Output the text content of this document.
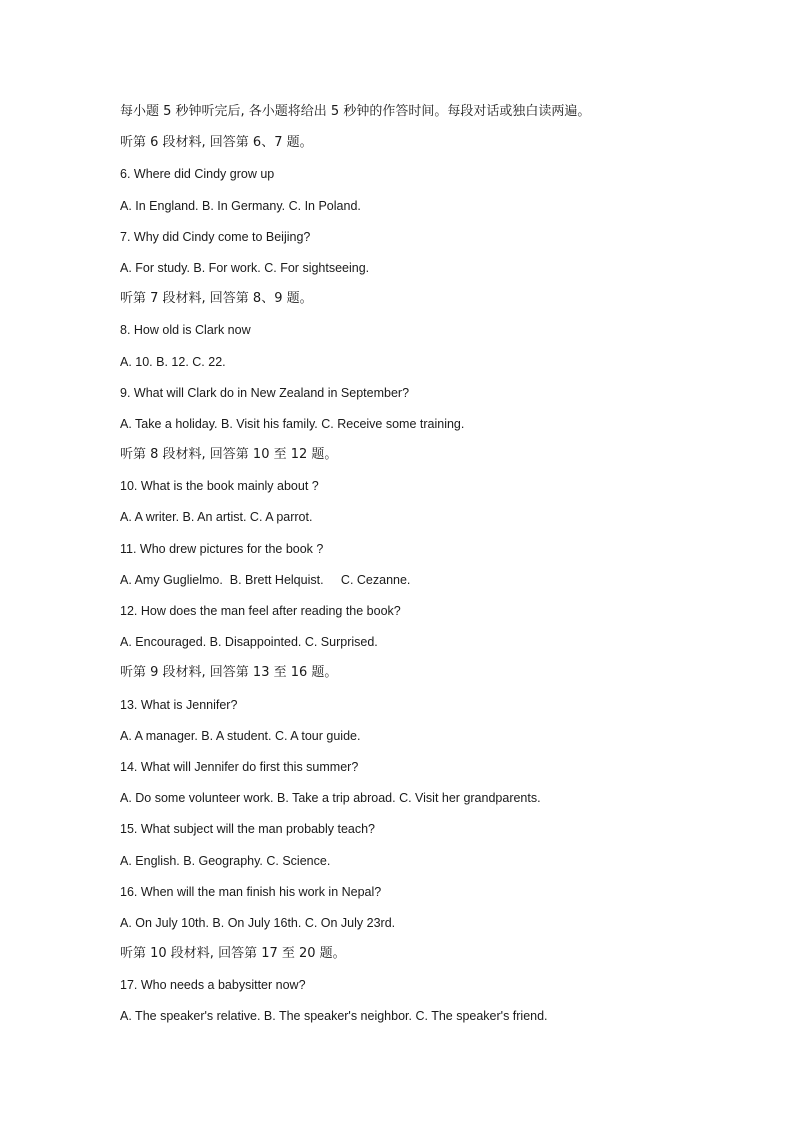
每小题 5 秒钟听完后, 各小题将给出 5 秒钟的作答时间。每段对话或独白读两遍。
听第 6 段材料, 回答第 6、7 题。
6. Where did Cindy grow up
A. In England. B. In Germany. C. In Poland.
7. Why did Cindy come to Beijing?
A. For study. B. For work. C. For sightseeing.
听第 7 段材料, 回答第 8、9 题。
8. How old is Clark now
A. 10. B. 12. C. 22.
9. What will Clark do in New Zealand in September?
A. Take a holiday. B. Visit his family. C. Receive some training.
听第 8 段材料, 回答第 10 至 12 题。
10. What is the book mainly about ?
A. A writer. B. An artist. C. A parrot.
11. Who drew pictures for the book ?
A. Amy Guglielmo.  B. Brett Helquist.     C. Cezanne.
12. How does the man feel after reading the book?
A. Encouraged. B. Disappointed. C. Surprised.
听第 9 段材料, 回答第 13 至 16 题。
13. What is Jennifer?
A. A manager. B. A student. C. A tour guide.
14. What will Jennifer do first this summer?
A. Do some volunteer work. B. Take a trip abroad. C. Visit her grandparents.
15. What subject will the man probably teach?
A. English. B. Geography. C. Science.
16. When will the man finish his work in Nepal?
A. On July 10th. B. On July 16th. C. On July 23rd.
听第 10 段材料, 回答第 17 至 20 题。
17. Who needs a babysitter now?
A. The speaker's relative. B. The speaker's neighbor. C. The speaker's friend.
